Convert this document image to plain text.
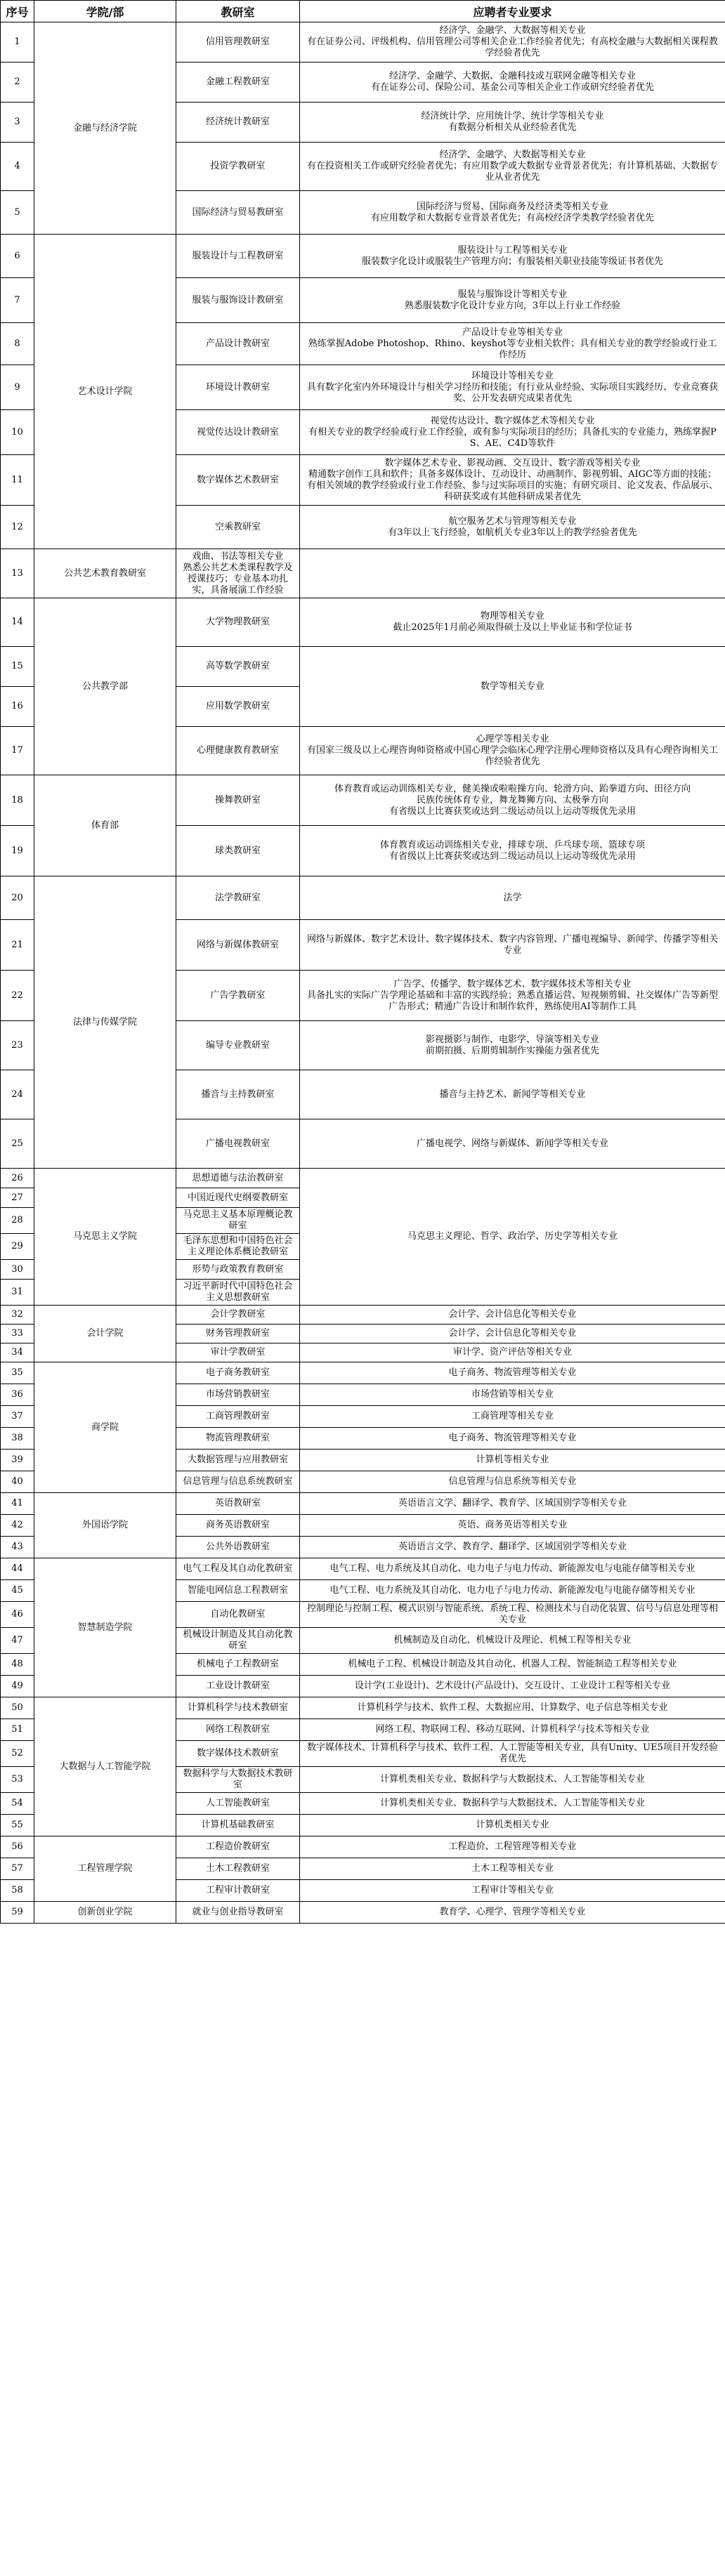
序号	学院/部	教研室	应聘者专业要求
1	金融与经济学院	信用管理教研室	经济学、金融学、大数据等相关专业
有在证券公司、评级机构、信用管理公司等相关企业工作经验者优先；有高校金融与大数据相关课程教学经验者优先
2		金融工程教研室	经济学、金融学、大数据、金融科技或互联网金融等相关专业
有在证券公司、保险公司、基金公司等相关企业工作或研究经验者优先
3		经济统计教研室	经济统计学、应用统计学、统计学等相关专业
有数据分析相关从业经验者优先
4		投资学教研室	经济学、金融学、大数据等相关专业
有在投资相关工作或研究经验者优先；有应用数学或大数据专业背景者优先；有计算机基础、大数据专业从业者优先
5		国际经济与贸易教研室	国际经济与贸易、国际商务及经济类等相关专业
有应用数学和大数据专业背景者优先；有高校经济学类教学经验者优先
6	艺术设计学院	服装设计与工程教研室	服装设计与工程等相关专业
服装数字化设计或服装生产管理方向；有服装相关职业技能等级证书者优先
7		服装与服饰设计教研室	服装与服饰设计等相关专业
熟悉服装数字化设计专业方向，3年以上行业工作经验
8		产品设计教研室	产品设计专业等相关专业
熟练掌握Adobe Photoshop、Rhino、keyshot等专业相关软件；具有相关专业的教学经验或行业工作经历
9		环境设计教研室	环境设计等相关专业
具有数字化室内外环境设计与相关学习经历和技能；有行业从业经验、实际项目实践经历、专业竞赛获奖、公开发表研究成果者优先
10		视觉传达设计教研室	视觉传达设计、数字媒体艺术等相关专业
有相关专业的教学经验或行业工作经验，或有参与实际项目的经历；具备扎实的专业能力，熟练掌握PS、AE、C4D等软件
11		数字媒体艺术教研室	数字媒体艺术专业、影视动画、交互设计、数字游戏等相关专业
精通数字创作工具和软件；具备多媒体设计、互动设计、动画制作、影视剪辑、AIGC等方面的技能；有相关领域的教学经验或行业工作经验、参与过实际项目的实施；有研究项目、论文发表、作品展示、科研获奖或有其他科研成果者优先
12		空乘教研室	航空服务艺术与管理等相关专业
有3年以上飞行经验，如航机关专业3年以上的教学经验者优先
13	公共艺术教育教研室	戏曲、书法等相关专业
熟悉公共艺术类课程教学及授课技巧；专业基本功扎实，具备展演工作经验	
14	公共教学部	大学物理教研室	物理等相关专业
截止2025年1月前必须取得硕士及以上毕业证书和学位证书
15		高等数学教研室	数学等相关专业
16		应用数学教研室	
17		心理健康教育教研室	心理学等相关专业
有国家三级及以上心理咨询师资格或中国心理学会临床心理学注册心理师资格以及具有心理咨询相关工作经验者优先
18	体育部	操舞教研室	体育教育或运动训练相关专业，健美操或啦啦操方向、轮滑方向、跆拳道方向、田径方向
民族传统体育专业，舞龙舞狮方向、太极拳方向
有省级以上比赛获奖或达到二级运动员以上运动等级优先录用
19		球类教研室	体育教育或运动训练相关专业，排球专项、乒乓球专项、篮球专项
有省级以上比赛获奖或达到二级运动员以上运动等级优先录用
20	法律与传媒学院	法学教研室	法学
21		网络与新媒体教研室	网络与新媒体、数字艺术设计、数字媒体技术、数字内容管理、广播电视编导、新闻学、传播学等相关专业
22		广告学教研室	广告学、传播学、数字媒体艺术、数字媒体技术等相关专业
具备扎实的实际广告学理论基础和丰富的实践经验；熟悉直播运营、短视频剪辑、社交媒体广告等新型广告形式；精通广告设计和制作软件，熟练使用AI等制作工具
23		编导专业教研室	影视摄影与制作、电影学、导演等相关专业
前期拍摄、后期剪辑制作实操能力强者优先
24		播音与主持教研室	播音与主持艺术、新闻学等相关专业
25		广播电视教研室	广播电视学、网络与新媒体、新闻学等相关专业
26	马克思主义学院	思想道德与法治教研室	马克思主义理论、哲学、政治学、历史学等相关专业
27		中国近现代史纲要教研室	
28		马克思主义基本原理概论教研室	
29		毛泽东思想和中国特色社会主义理论体系概论教研室	
30		形势与政策教育教研室	
31		习近平新时代中国特色社会主义思想教研室	
32	会计学院	会计学教研室	会计学、会计信息化等相关专业
33		财务管理教研室	会计学、会计信息化等相关专业
34		审计学教研室	审计学、资产评估等相关专业
35	商学院	电子商务教研室	电子商务、物流管理等相关专业
36		市场营销教研室	市场营销等相关专业
37		工商管理教研室	工商管理等相关专业
38		物流管理教研室	电子商务、物流管理等相关专业
39		大数据管理与应用教研室	计算机等相关专业
40		信息管理与信息系统教研室	信息管理与信息系统等相关专业
41	外国语学院	英语教研室	英语语言文学、翻译学、教育学、区域国别学等相关专业
42		商务英语教研室	英语、商务英语等相关专业
43		公共外语教研室	英语语言文学、教育学、翻译学、区域国别学等相关专业
44	智慧制造学院	电气工程及其自动化教研室	电气工程、电力系统及其自动化、电力电子与电力传动、新能源发电与电能存储等相关专业
45		智能电网信息工程教研室	电气工程、电力系统及其自动化、电力电子与电力传动、新能源发电与电能存储等相关专业
46		自动化教研室	控制理论与控制工程、模式识别与智能系统、系统工程、检测技术与自动化装置、信号与信息处理等相关专业
47		机械设计制造及其自动化教研室	机械制造及自动化、机械设计及理论、机械工程等相关专业
48		机械电子工程教研室	机械电子工程、机械设计制造及其自动化、机器人工程、智能制造工程等相关专业
49		工业设计教研室	设计学(工业设计)、艺术设计(产品设计)、交互设计、工业设计工程等相关专业
50	大数据与人工智能学院	计算机科学与技术教研室	计算机科学与技术、软件工程、大数据应用、计算数学、电子信息等相关专业
51		网络工程教研室	网络工程、物联网工程、移动互联网、计算机科学与技术等相关专业
52		数字媒体技术教研室	数字媒体技术、计算机科学与技术、软件工程、人工智能等相关专业，具有Unity、UE5项目开发经验者优先
53		数据科学与大数据技术教研室	计算机类相关专业、数据科学与大数据技术、人工智能等相关专业
54		人工智能教研室	计算机类相关专业、数据科学与大数据技术、人工智能等相关专业
55		计算机基础教研室	计算机类相关专业
56	工程管理学院	工程造价教研室	工程造价、工程管理等相关专业
57		土木工程教研室	土木工程等相关专业
58		工程审计教研室	工程审计等相关专业
59	创新创业学院	就业与创业指导教研室	教育学、心理学、管理学等相关专业
